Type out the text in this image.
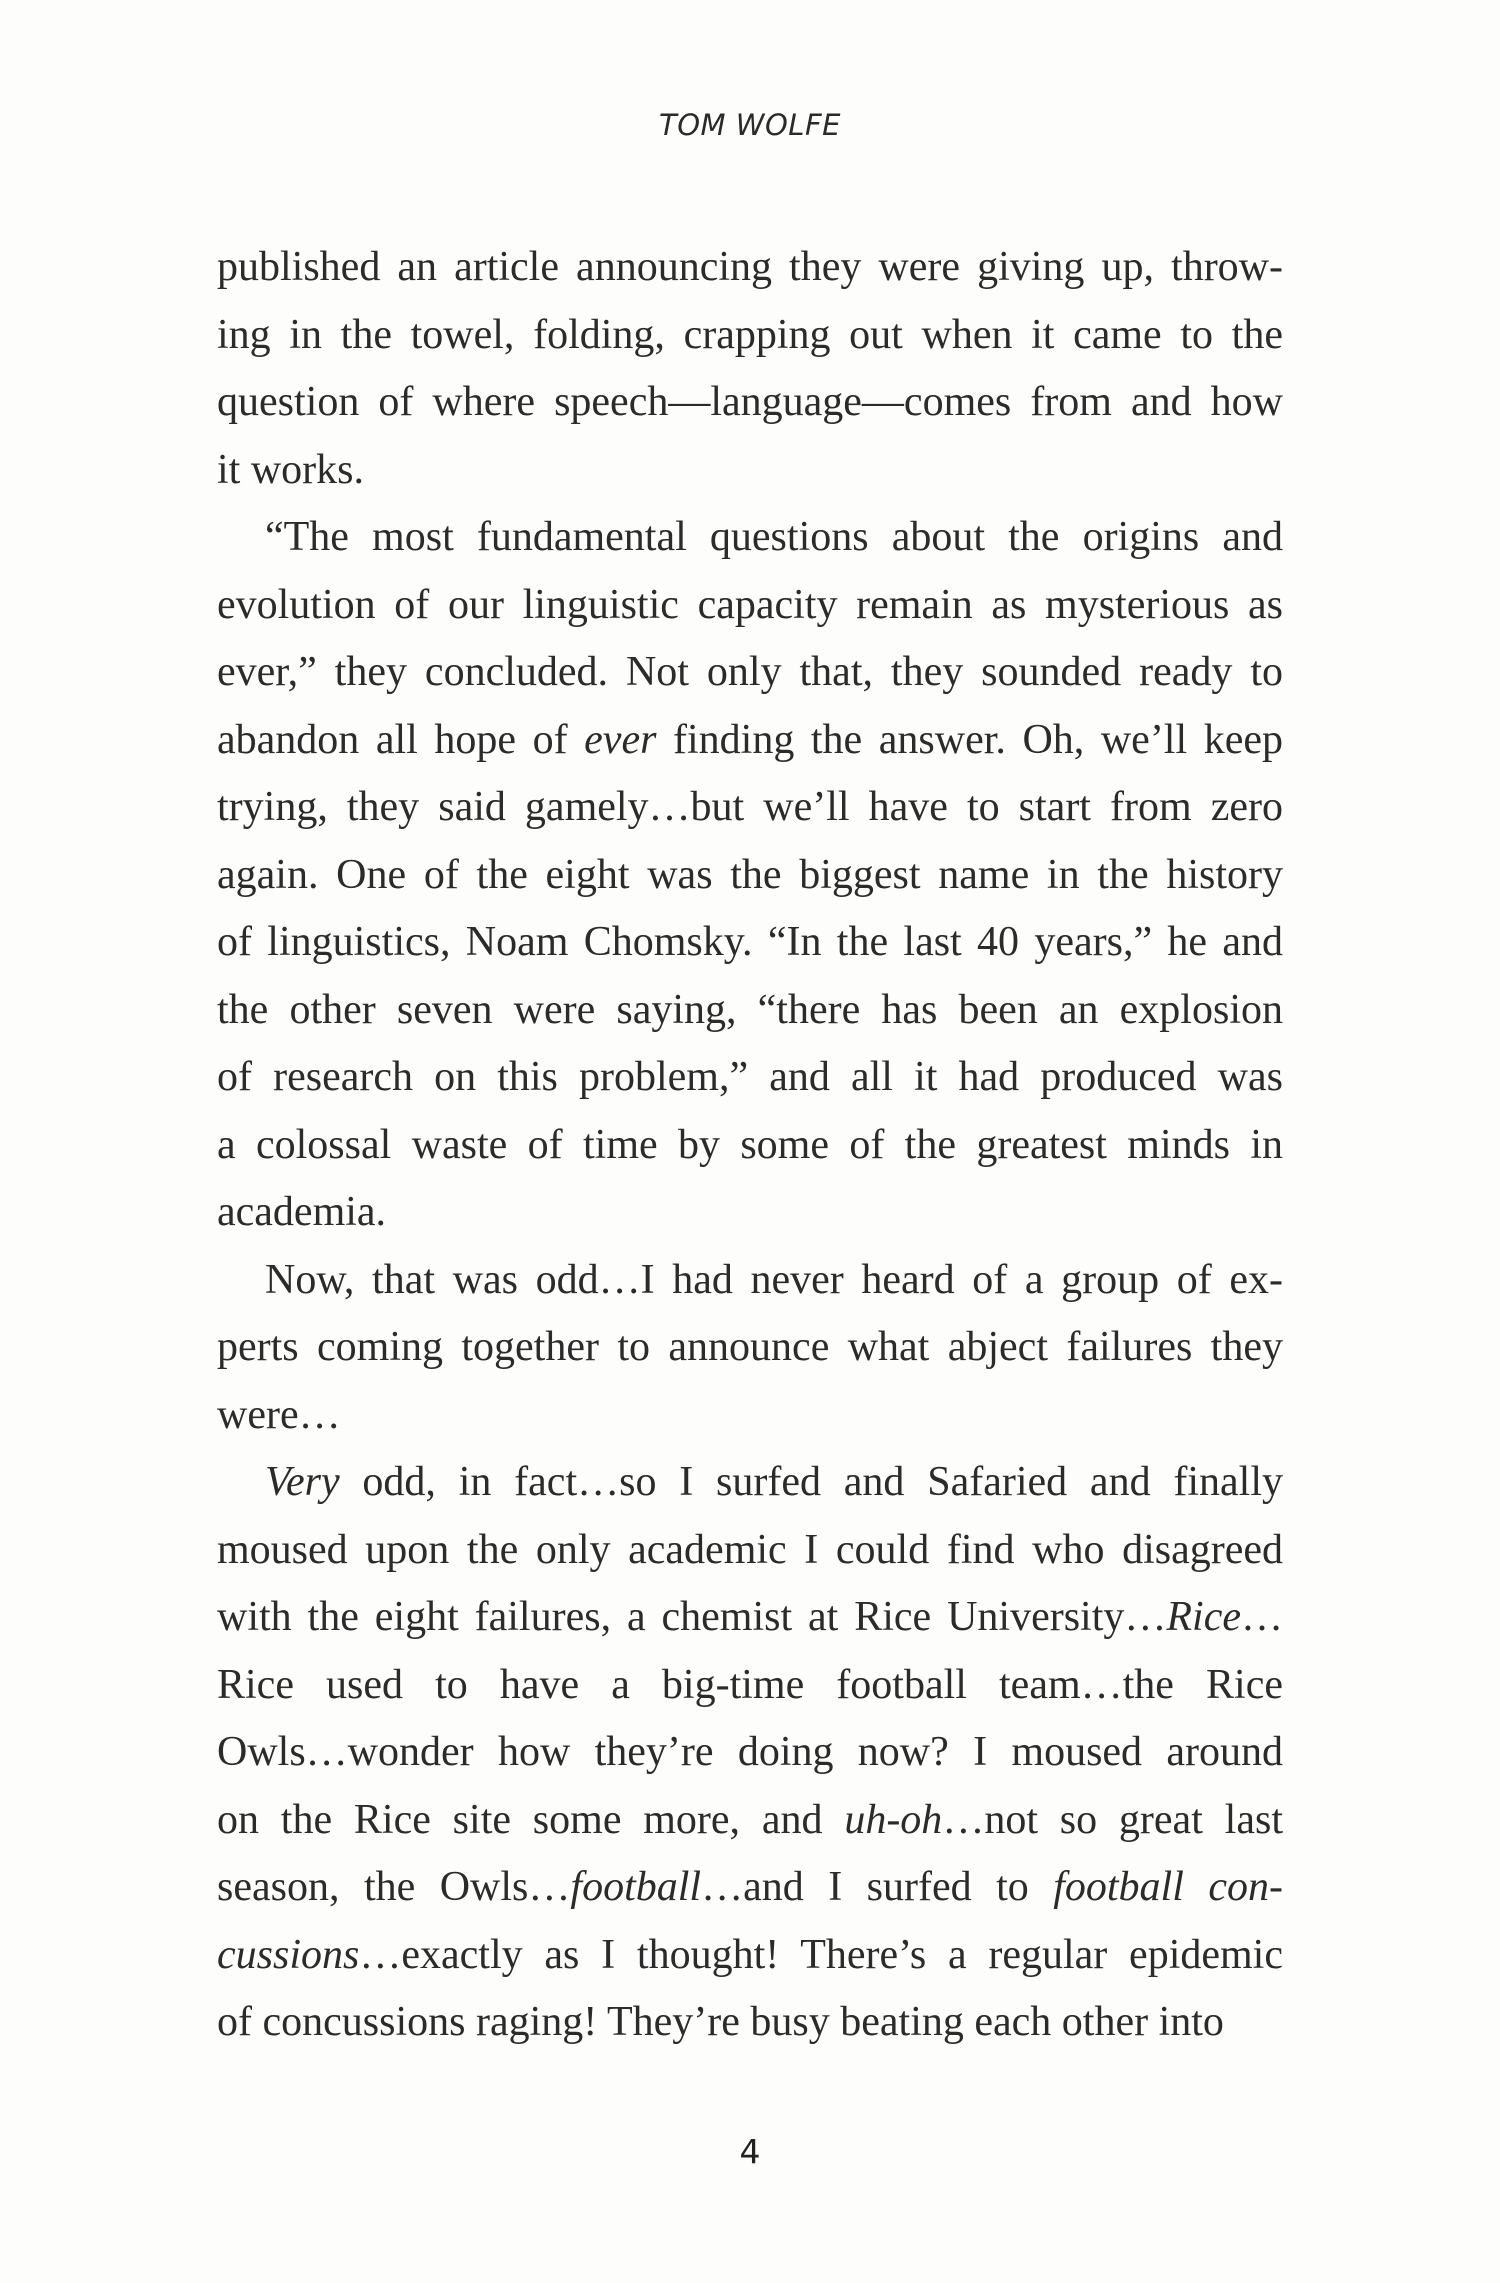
TOM WOLFE
published an article announcing they were giving up, throw-
ing in the towel, folding, crapping out when it came to the
question of where speech—language—comes from and how
it works.
“The most fundamental questions about the origins and
evolution of our linguistic capacity remain as mysterious as
ever,” they concluded. Not only that, they sounded ready to
abandon all hope of ever finding the answer. Oh, we’ll keep
trying, they said gamely…but we’ll have to start from zero
again. One of the eight was the biggest name in the history
of linguistics, Noam Chomsky. “In the last 40 years,” he and
the other seven were saying, “there has been an explosion
of research on this problem,” and all it had produced was
a colossal waste of time by some of the greatest minds in
academia.
Now, that was odd…I had never heard of a group of ex-
perts coming together to announce what abject failures they
were…
Very odd, in fact…so I surfed and Safaried and finally
moused upon the only academic I could find who disagreed
with the eight failures, a chemist at Rice University…Rice…
Rice used to have a big-time football team…the Rice
Owls…wonder how they’re doing now? I moused around
on the Rice site some more, and uh-oh…not so great last
season, the Owls…football…and I surfed to football con-
cussions…exactly as I thought! There’s a regular epidemic
of concussions raging! They’re busy beating each other into
4
